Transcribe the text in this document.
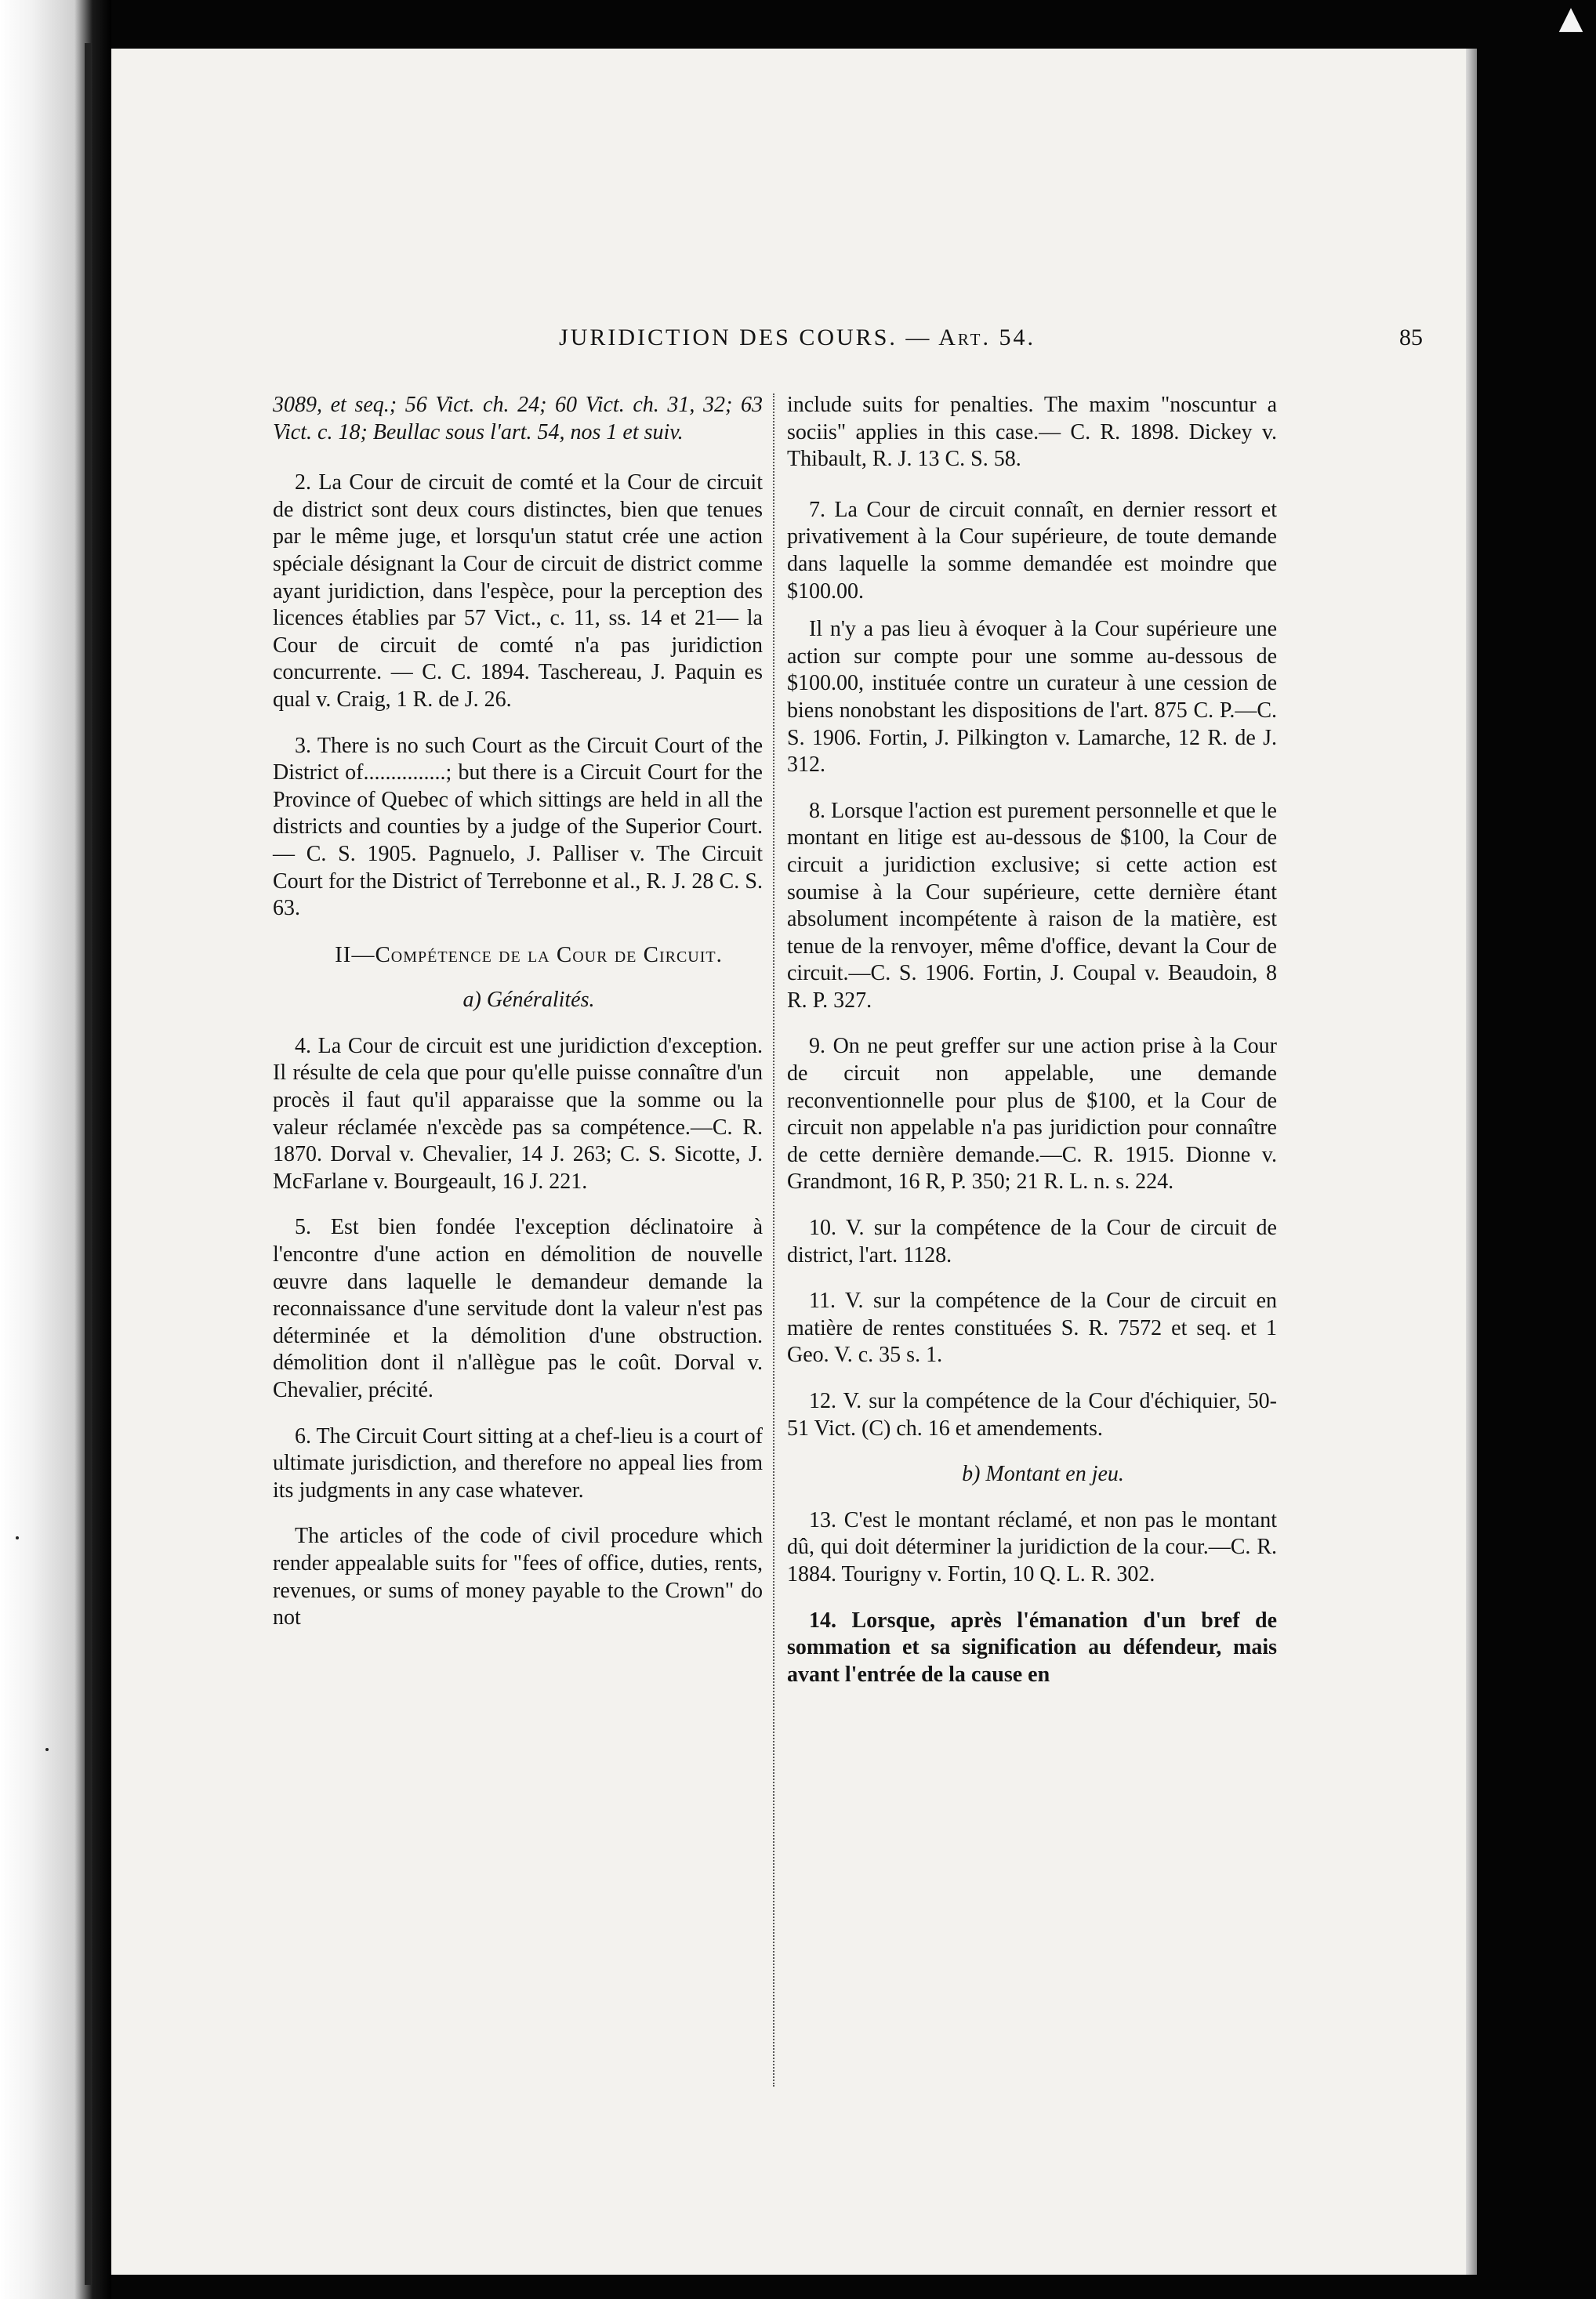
▲
JURIDICTION DES COURS. — Art. 54.	85

3089, et seq.; 56 Vict. ch. 24; 60 Vict. ch. 31, 32; 63 Vict. c. 18; Beullac sous l'art. 54, nos 1 et suiv.

2. La Cour de circuit de comté et la Cour de circuit de district sont deux cours distinctes, bien que tenues par le même juge, et lorsqu'un statut crée une action spéciale désignant la Cour de circuit de district comme ayant juridiction, dans l'espèce, pour la perception des licences établies par 57 Vict., c. 11, ss. 14 et 21— la Cour de circuit de comté n'a pas juridiction concurrente. — C. C. 1894. Taschereau, J. Paquin es qual v. Craig, 1 R. de J. 26.

3. There is no such Court as the Circuit Court of the District of...............; but there is a Circuit Court for the Province of Quebec of which sittings are held in all the districts and counties by a judge of the Superior Court. — C. S. 1905. Pagnuelo, J. Palliser v. The Circuit Court for the District of Terrebonne et al., R. J. 28 C. S. 63.

II—Compétence de la Cour de Circuit.

a) Généralités.

4. La Cour de circuit est une juridiction d'exception. Il résulte de cela que pour qu'elle puisse connaître d'un procès il faut qu'il apparaisse que la somme ou la valeur réclamée n'excède pas sa compétence.—C. R. 1870. Dorval v. Chevalier, 14 J. 263; C. S. Sicotte, J. McFarlane v. Bourgeault, 16 J. 221.

5. Est bien fondée l'exception déclinatoire à l'encontre d'une action en démolition de nouvelle œuvre dans laquelle le demandeur demande la reconnaissance d'une servitude dont la valeur n'est pas déterminée et la démolition d'une obstruction. démolition dont il n'allègue pas le coût. Dorval v. Chevalier, précité.

6. The Circuit Court sitting at a chef-lieu is a court of ultimate jurisdiction, and therefore no appeal lies from its judgments in any case whatever.

The articles of the code of civil procedure which render appealable suits for "fees of office, duties, rents, revenues, or sums of money payable to the Crown" do not

include suits for penalties. The maxim "noscuntur a sociis" applies in this case.— C. R. 1898. Dickey v. Thibault, R. J. 13 C. S. 58.

7. La Cour de circuit connaît, en dernier ressort et privativement à la Cour supérieure, de toute demande dans laquelle la somme demandée est moindre que $100.00.

Il n'y a pas lieu à évoquer à la Cour supérieure une action sur compte pour une somme au-dessous de $100.00, instituée contre un curateur à une cession de biens nonobstant les dispositions de l'art. 875 C. P.—C. S. 1906. Fortin, J. Pilkington v. Lamarche, 12 R. de J. 312.

8. Lorsque l'action est purement personnelle et que le montant en litige est au-dessous de $100, la Cour de circuit a juridiction exclusive; si cette action est soumise à la Cour supérieure, cette dernière étant absolument incompétente à raison de la matière, est tenue de la renvoyer, même d'office, devant la Cour de circuit.—C. S. 1906. Fortin, J. Coupal v. Beaudoin, 8 R. P. 327.

9. On ne peut greffer sur une action prise à la Cour de circuit non appelable, une demande reconventionnelle pour plus de $100, et la Cour de circuit non appelable n'a pas juridiction pour connaître de cette dernière demande.—C. R. 1915. Dionne v. Grandmont, 16 R, P. 350; 21 R. L. n. s. 224.

10. V. sur la compétence de la Cour de circuit de district, l'art. 1128.

11. V. sur la compétence de la Cour de circuit en matière de rentes constituées S. R. 7572 et seq. et 1 Geo. V. c. 35 s. 1.

12. V. sur la compétence de la Cour d'échiquier, 50-51 Vict. (C) ch. 16 et amendements.

b) Montant en jeu.

13. C'est le montant réclamé, et non pas le montant dû, qui doit déterminer la juridiction de la cour.—C. R. 1884. Tourigny v. Fortin, 10 Q. L. R. 302.

14. Lorsque, après l'émanation d'un bref de sommation et sa signification au défendeur, mais avant l'entrée de la cause en
